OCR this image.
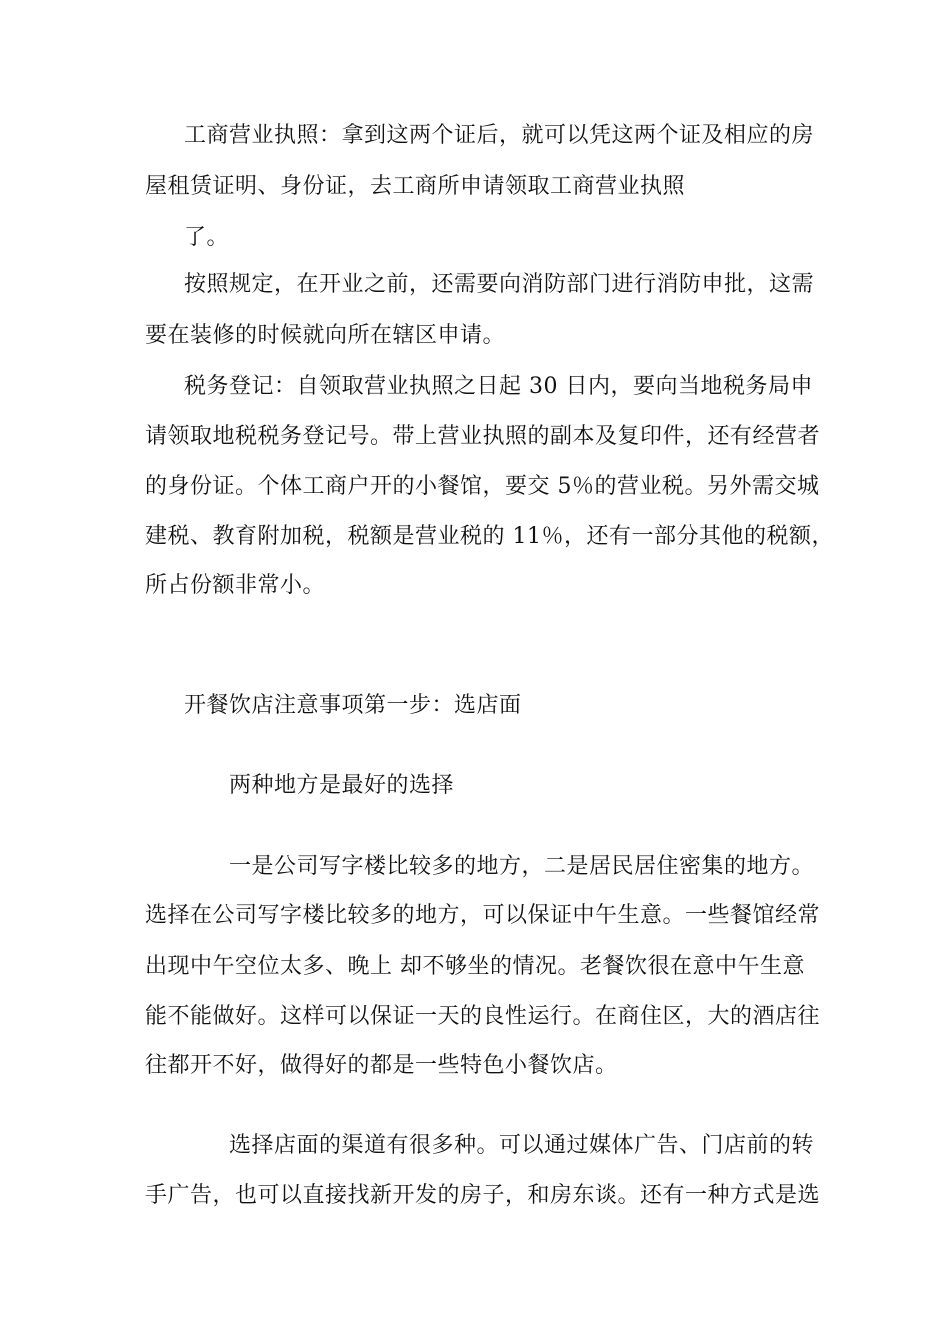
工商营业执照：拿到这两个证后，就可以凭这两个证及相应的房
屋租赁证明、身份证，去工商所申请领取工商营业执照
了。
按照规定，在开业之前，还需要向消防部门进行消防申批，这需
要在装修的时候就向所在辖区申请。
税务登记：自领取营业执照之日起 30 日内，要向当地税务局申
请领取地税税务登记号。带上营业执照的副本及复印件，还有经营者
的身份证。个体工商户开的小餐馆，要交 5％的营业税。另外需交城
建税、教育附加税，税额是营业税的 11％，还有一部分其他的税额，
所占份额非常小。
开餐饮店注意事项第一步：选店面
两种地方是最好的选择
一是公司写字楼比较多的地方，二是居民居住密集的地方。
选择在公司写字楼比较多的地方，可以保证中午生意。一些餐馆经常
出现中午空位太多、晚上 却不够坐的情况。老餐饮很在意中午生意
能不能做好。这样可以保证一天的良性运行。在商住区，大的酒店往
往都开不好，做得好的都是一些特色小餐饮店。
选择店面的渠道有很多种。可以通过媒体广告、门店前的转
手广告，也可以直接找新开发的房子，和房东谈。还有一种方式是选
